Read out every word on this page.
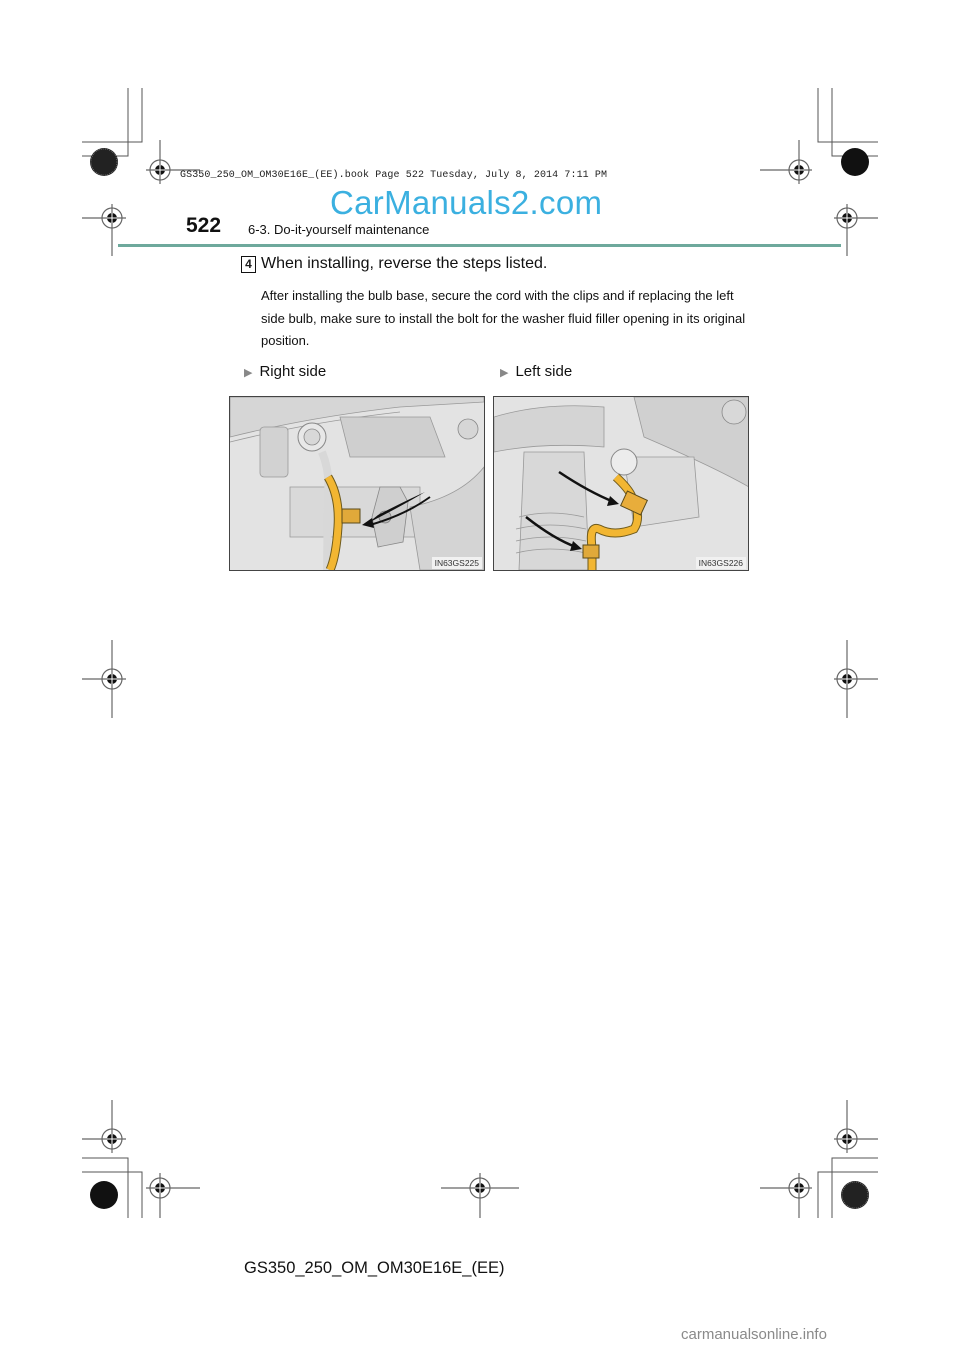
GS350_250_OM_OM30E16E_(EE).book Page 522 Tuesday, July 8, 2014 7:11 PM
CarManuals2.com
522 6-3. Do-it-yourself maintenance
4 When installing, reverse the steps listed.
After installing the bulb base, secure the cord with the clips and if replacing the left side bulb, make sure to install the bolt for the washer fluid filler opening in its original position.
▶ Right side	▶ Left side
IN63GS225	IN63GS226
GS350_250_OM_OM30E16E_(EE)
carmanualsonline.info
